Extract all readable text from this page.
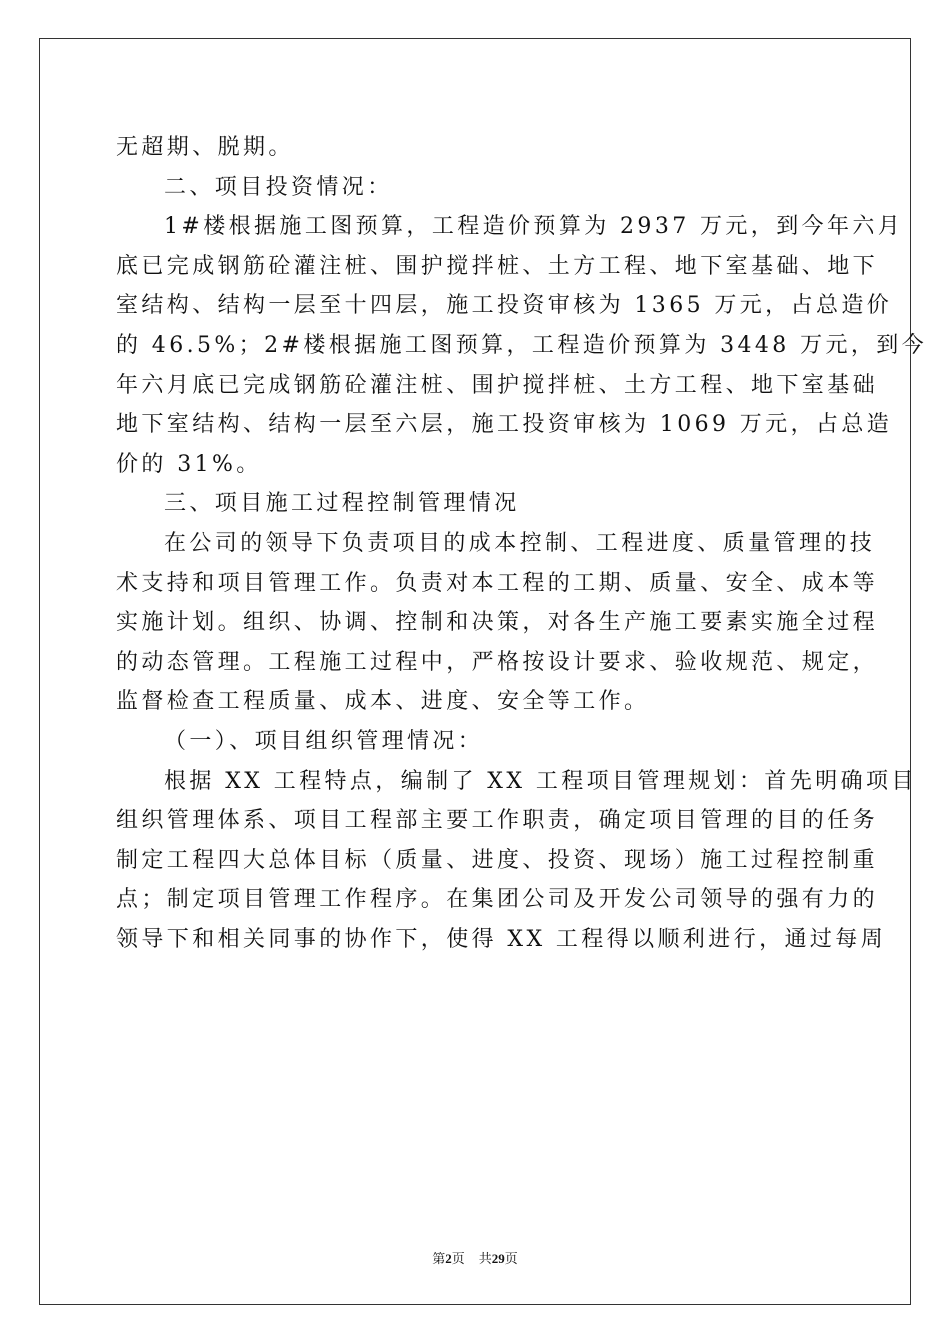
无超期、脱期。
二、项目投资情况：
1#楼根据施工图预算，工程造价预算为 2937 万元，到今年六月
底已完成钢筋砼灌注桩、围护搅拌桩、土方工程、地下室基础、地下
室结构、结构一层至十四层，施工投资审核为 1365 万元，占总造价
的 46.5%；2#楼根据施工图预算，工程造价预算为 3448 万元，到今
年六月底已完成钢筋砼灌注桩、围护搅拌桩、土方工程、地下室基础
地下室结构、结构一层至六层，施工投资审核为 1069 万元，占总造
价的 31%。
三、项目施工过程控制管理情况
在公司的领导下负责项目的成本控制、工程进度、质量管理的技
术支持和项目管理工作。负责对本工程的工期、质量、安全、成本等
实施计划。组织、协调、控制和决策，对各生产施工要素实施全过程
的动态管理。工程施工过程中，严格按设计要求、验收规范、规定，
监督检查工程质量、成本、进度、安全等工作。
（一）、项目组织管理情况：
根据 XX 工程特点，编制了 XX 工程项目管理规划：首先明确项目
组织管理体系、项目工程部主要工作职责，确定项目管理的目的任务
制定工程四大总体目标（质量、进度、投资、现场）施工过程控制重
点；制定项目管理工作程序。在集团公司及开发公司领导的强有力的
领导下和相关同事的协作下，使得 XX 工程得以顺利进行，通过每周
第2页 共29页
